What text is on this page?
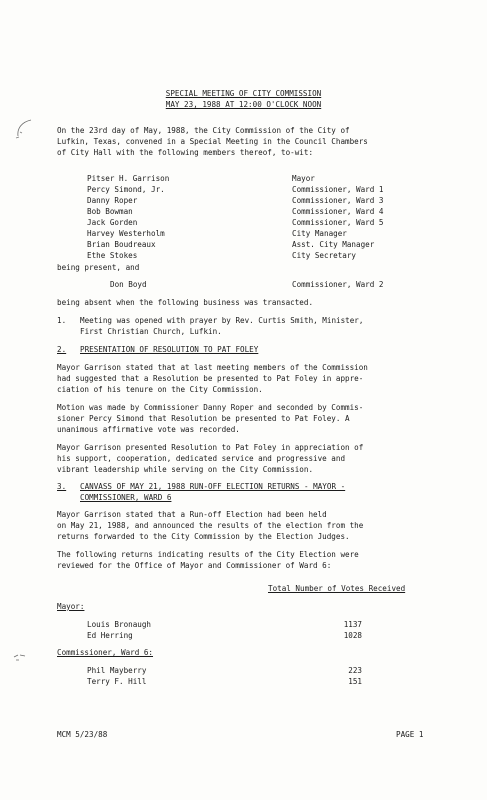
SPECIAL MEETING OF CITY COMMISSION
MAY 23, 1988 AT 12:00 O'CLOCK NOON
On the 23rd day of May, 1988, the City Commission of the City of
Lufkin, Texas, convened in a Special Meeting in the Council Chambers
of City Hall with the following members thereof, to-wit:
Pitser H. Garrison	Mayor
Percy Simond, Jr.	Commissioner, Ward 1
Danny Roper	Commissioner, Ward 3
Bob Bowman	Commissioner, Ward 4
Jack Gorden	Commissioner, Ward 5
Harvey Westerholm	City Manager
Brian Boudreaux	Asst. City Manager
Ethe Stokes	City Secretary
being present, and
Don Boyd	Commissioner, Ward 2
being absent when the following business was transacted.
1. Meeting was opened with prayer by Rev. Curtis Smith, Minister,
First Christian Church, Lufkin.
2. PRESENTATION OF RESOLUTION TO PAT FOLEY
Mayor Garrison stated that at last meeting members of the Commission
had suggested that a Resolution be presented to Pat Foley in appre-
ciation of his tenure on the City Commission.
Motion was made by Commissioner Danny Roper and seconded by Commis-
sioner Percy Simond that Resolution be presented to Pat Foley. A
unanimous affirmative vote was recorded.
Mayor Garrison presented Resolution to Pat Foley in appreciation of
his support, cooperation, dedicated service and progressive and
vibrant leadership while serving on the City Commission.
3. CANVASS OF MAY 21, 1988 RUN-OFF ELECTION RETURNS - MAYOR -
COMMISSIONER, WARD 6
Mayor Garrison stated that a Run-off Election had been held
on May 21, 1988, and announced the results of the election from the
returns forwarded to the City Commission by the Election Judges.
The following returns indicating results of the City Election were
reviewed for the Office of Mayor and Commissioner of Ward 6:
Total Number of Votes Received
Mayor:
Louis Bronaugh	1137
Ed Herring	1028
Commissioner, Ward 6:
Phil Mayberry	223
Terry F. Hill	151
MCM 5/23/88	PAGE 1
